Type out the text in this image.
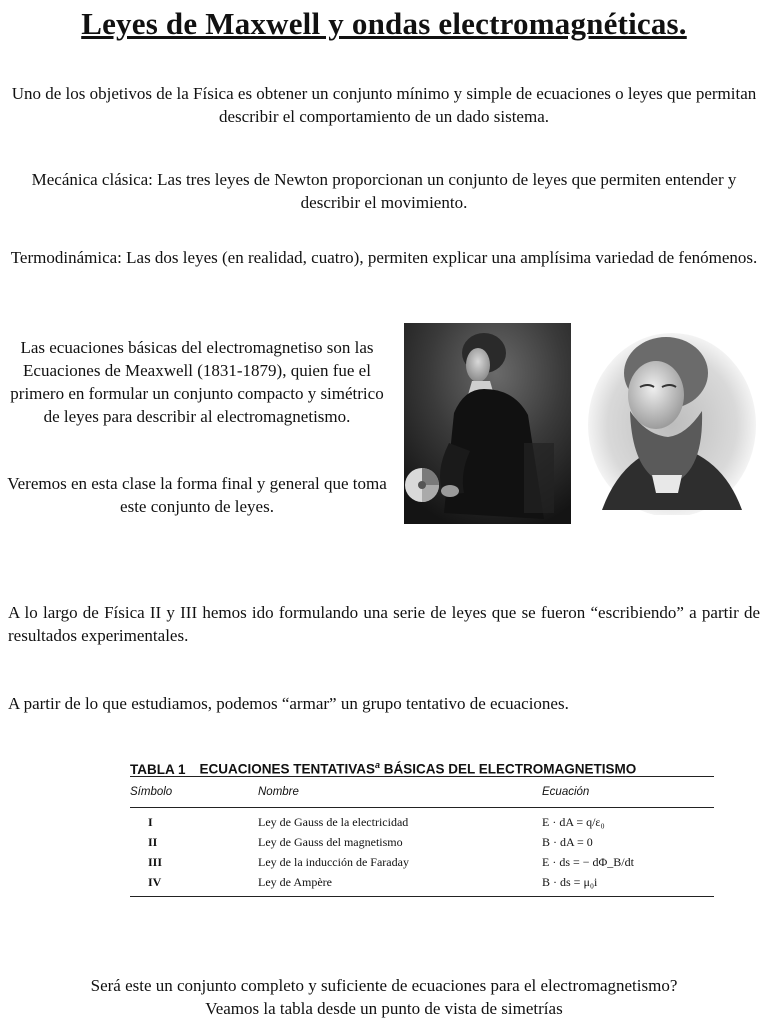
Leyes de Maxwell y ondas electromagnéticas.

Uno de los objetivos de la Física es obtener un conjunto mínimo y simple de ecuaciones o leyes que permitan describir el comportamiento de un dado sistema.

Mecánica clásica: Las tres leyes de Newton proporcionan un conjunto de leyes que permiten entender y describir el movimiento.

Termodinámica: Las dos leyes (en realidad, cuatro), permiten explicar una amplísima variedad de fenómenos.

Las ecuaciones básicas del electromagnetiso son las Ecuaciones de Meaxwell (1831-1879), quien fue el primero en formular un conjunto compacto y simétrico de leyes para describir al electromagnetismo.

Veremos en esta clase la forma final y general que toma este conjunto de leyes.

A lo largo de Física II y III hemos ido formulando una serie de leyes que se fueron “escribiendo” a partir de resultados experimentales.

A partir de lo que estudiamos, podemos “armar” un grupo tentativo de ecuaciones.

TABLA 1 ECUACIONES TENTATIVAS$^a$ BÁSICAS DEL ELECTROMAGNETISMO
Símbolo	Nombre	Ecuación
I	Ley de Gauss de la electricidad	E · dA = q/ε₀
II	Ley de Gauss del magnetismo	B · dA = 0
III	Ley de la inducción de Faraday	E · ds = − dΦ_B/dt
IV	Ley de Ampère	B · ds = μ₀i

Será este un conjunto completo y suficiente de ecuaciones para el electromagnetismo?

Veamos la tabla desde un punto de vista de simetrías
